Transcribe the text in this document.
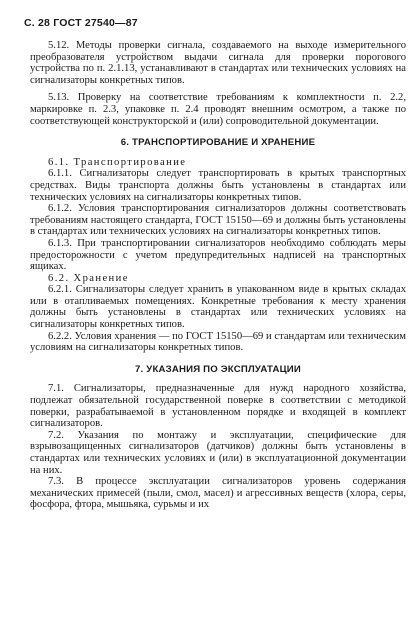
С. 28 ГОСТ 27540—87

5.12. Методы проверки сигнала, создаваемого на выходе измерительного преобразователя устройством выдачи сигнала для проверки порогового устройства по п. 2.1.13, устанавливают в стандартах или технических условиях на сигнализаторы конкретных типов.

5.13. Проверку на соответствие требованиям к комплектности п. 2.2, маркировке п. 2.3, упаковке п. 2.4 проводят внешним осмотром, а также по соответствующей конструкторской и (или) сопроводительной документации.

6. ТРАНСПОРТИРОВАНИЕ И ХРАНЕНИЕ

6.1. Транспортирование

6.1.1. Сигнализаторы следует транспортировать в крытых транспортных средствах. Виды транспорта должны быть установлены в стандартах или технических условиях на сигнализаторы конкретных типов.

6.1.2. Условия транспортирования сигнализаторов должны соответствовать требованиям настоящего стандарта, ГОСТ 15150—69 и должны быть установлены в стандартах или технических условиях на сигнализаторы конкретных типов.

6.1.3. При транспортировании сигнализаторов необходимо соблюдать меры предосторожности с учетом предупредительных надписей на транспортных ящиках.

6.2. Хранение

6.2.1. Сигнализаторы следует хранить в упакованном виде в крытых складах или в отапливаемых помещениях. Конкретные требования к месту хранения должны быть установлены в стандартах или технических условиях на сигнализаторы конкретных типов.

6.2.2. Условия хранения — по ГОСТ 15150—69 и стандартам или техническим условиям на сигнализаторы конкретных типов.

7. УКАЗАНИЯ ПО ЭКСПЛУАТАЦИИ

7.1. Сигнализаторы, предназначенные для нужд народного хозяйства, подлежат обязательной государственной поверке в соответствии с методикой поверки, разрабатываемой в установленном порядке и входящей в комплект сигнализаторов.

7.2. Указания по монтажу и эксплуатации, специфические для взрывозащищенных сигнализаторов (датчиков) должны быть установлены в стандартах или технических условиях и (или) в эксплуатационной документации на них.

7.3. В процессе эксплуатации сигнализаторов уровень содержания механических примесей (пыли, смол, масел) и агрессивных веществ (хлора, серы, фосфора, фтора, мышьяка, сурьмы и их
